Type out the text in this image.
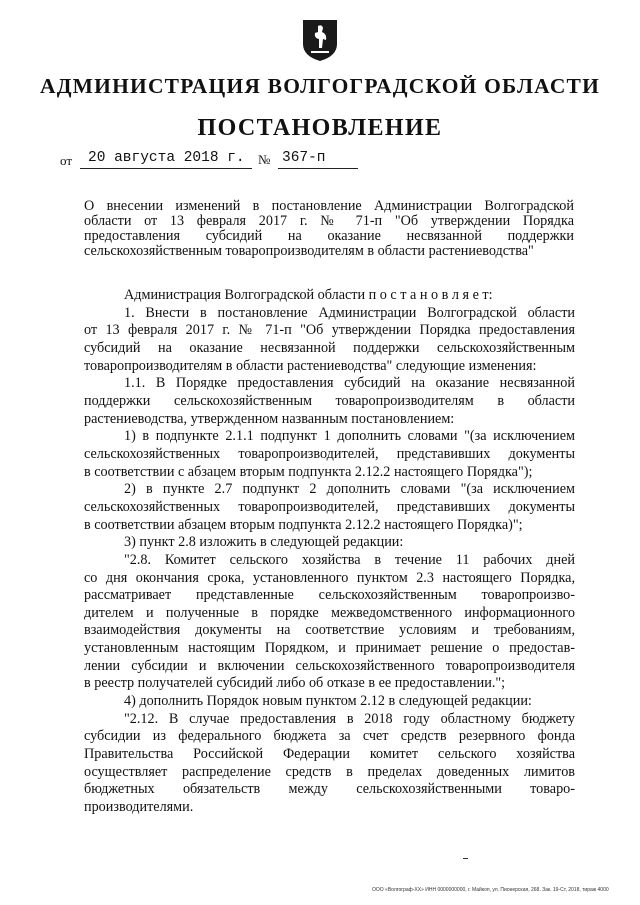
АДМИНИСТРАЦИЯ ВОЛГОГРАДСКОЙ ОБЛАСТИ
ПОСТАНОВЛЕНИЕ
от 20 августа 2018 г. № 367-п
О внесении изменений в постановление Администрации Волгоградской
области от 13 февраля 2017 г. № 71-п "Об утверждении Порядка
предоставления субсидий на оказание несвязанной поддержки
сельскохозяйственным товаропроизводителям в области растениеводства"
Администрация Волгоградской области п о с т а н о в л я е т:
1. Внести в постановление Администрации Волгоградской области
от 13 февраля 2017 г. № 71-п "Об утверждении Порядка предоставления
субсидий на оказание несвязанной поддержки сельскохозяйственным
товаропроизводителям в области растениеводства" следующие изменения:
1.1. В Порядке предоставления субсидий на оказание несвязанной
поддержки сельскохозяйственным товаропроизводителям в области
растениеводства, утвержденном названным постановлением:
1) в подпункте 2.1.1 подпункт 1 дополнить словами "(за исключением
сельскохозяйственных товаропроизводителей, представивших документы
в соответствии с абзацем вторым подпункта 2.12.2 настоящего Порядка");
2) в пункте 2.7 подпункт 2 дополнить словами "(за исключением
сельскохозяйственных товаропроизводителей, представивших документы
в соответствии абзацем вторым подпункта 2.12.2 настоящего Порядка)";
3) пункт 2.8 изложить в следующей редакции:
"2.8. Комитет сельского хозяйства в течение 11 рабочих дней
со дня окончания срока, установленного пунктом 2.3 настоящего Порядка,
рассматривает представленные сельскохозяйственным товаропроизво-
дителем и полученные в порядке межведомственного информационного
взаимодействия документы на соответствие условиям и требованиям,
установленным настоящим Порядком, и принимает решение о предостав-
лении субсидии и включении сельскохозяйственного товаропроизводителя
в реестр получателей субсидий либо об отказе в ее предоставлении.";
4) дополнить Порядок новым пунктом 2.12 в следующей редакции:
"2.12. В случае предоставления в 2018 году областному бюджету
субсидии из федерального бюджета за счет средств резервного фонда
Правительства Российской Федерации комитет сельского хозяйства
осуществляет распределение средств в пределах доведенных лимитов
бюджетных обязательств между сельскохозяйственными товаро-
производителями.
ООО «Волгограф-ХХ» ИНН 0000000000, г. Майкоп, ул. Пионерская, 268. Зак. 19-Ст, 2018, тираж 4000
